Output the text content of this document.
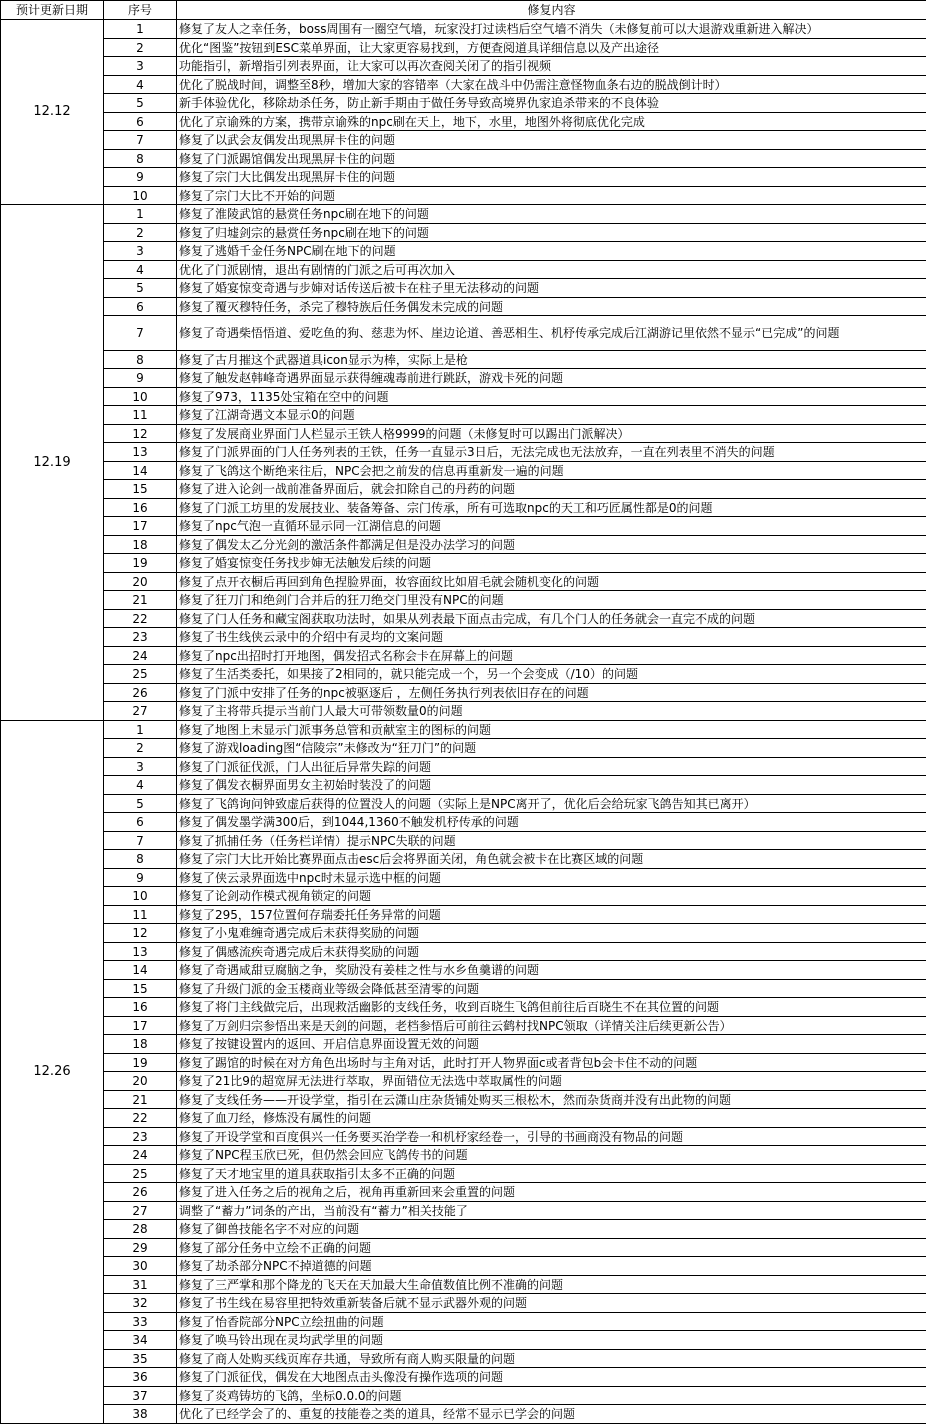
预计更新日期	序号	修复内容
12.12	1	修复了友人之幸任务，boss周围有一圈空气墙，玩家没打过读档后空气墙不消失（未修复前可以大退游戏重新进入解决）
	2	优化“图鉴”按钮到ESC菜单界面，让大家更容易找到，方便查阅道具详细信息以及产出途径
	3	功能指引，新增指引列表界面，让大家可以再次查阅关闭了的指引视频
	4	优化了脱战时间，调整至8秒，增加大家的容错率（大家在战斗中仍需注意怪物血条右边的脱战倒计时）
	5	新手体验优化，移除劫杀任务，防止新手期由于做任务导致高境界仇家追杀带来的不良体验
	6	优化了京谕殊的方案，携带京谕殊的npc刷在天上，地下，水里，地图外将彻底优化完成
	7	修复了以武会友偶发出现黑屏卡住的问题
	8	修复了门派踢馆偶发出现黑屏卡住的问题
	9	修复了宗门大比偶发出现黑屏卡住的问题
	10	修复了宗门大比不开始的问题
12.19	1	修复了淮陵武馆的悬赏任务npc刷在地下的问题
	2	修复了归墟剑宗的悬赏任务npc刷在地下的问题
	3	修复了逃婚千金任务NPC刷在地下的问题
	4	优化了门派剧情，退出有剧情的门派之后可再次加入
	5	修复了婚宴惊变奇遇与步婶对话传送后被卡在柱子里无法移动的问题
	6	修复了覆灭穆特任务，杀完了穆特族后任务偶发未完成的问题
	7	修复了奇遇柴悟悟道、爱吃鱼的狗、慈悲为怀、崖边论道、善恶相生、机杼传承完成后江湖游记里依然不显示“已完成”的问题
	8	修复了古月摧这个武器道具icon显示为棒，实际上是枪
	9	修复了触发赵韩峰奇遇界面显示获得缠魂毒前进行跳跃，游戏卡死的问题
	10	修复了973，1135处宝箱在空中的问题
	11	修复了江湖奇遇文本显示0的问题
	12	修复了发展商业界面门人栏显示王铁人格9999的问题（未修复时可以踢出门派解决）
	13	修复了门派界面的门人任务列表的王铁，任务一直显示3日后，无法完成也无法放弃，一直在列表里不消失的问题
	14	修复了飞鸽这个断绝来往后，NPC会把之前发的信息再重新发一遍的问题
	15	修复了进入论剑一战前准备界面后，就会扣除自己的丹药的问题
	16	修复了门派工坊里的发展技业、装备筹备、宗门传承，所有可选取npc的天工和巧匠属性都是0的问题
	17	修复了npc气泡一直循环显示同一江湖信息的问题
	18	修复了偶发太乙分光剑的激活条件都满足但是没办法学习的问题
	19	修复了婚宴惊变任务找步婶无法触发后续的问题
	20	修复了点开衣橱后再回到角色捏脸界面，妆容面纹比如眉毛就会随机变化的问题
	21	修复了狂刀门和绝剑门合并后的狂刀绝交门里没有NPC的问题
	22	修复了门人任务和藏宝阁获取功法时，如果从列表最下面点击完成，有几个门人的任务就会一直完不成的问题
	23	修复了书生线侠云录中的介绍中有灵均的文案问题
	24	修复了npc出招时打开地图，偶发招式名称会卡在屏幕上的问题
	25	修复了生活类委托，如果接了2相同的，就只能完成一个，另一个会变成（/10）的问题
	26	修复了门派中安排了任务的npc被驱逐后 ，左侧任务执行列表依旧存在的问题
	27	修复了主将带兵提示当前门人最大可带领数量0的问题
12.26	1	修复了地图上未显示门派事务总管和贡献室主的图标的问题
	2	修复了游戏loading图“信陵宗”未修改为“狂刀门”的问题
	3	修复了门派征伐派，门人出征后异常失踪的问题
	4	修复了偶发衣橱界面男女主初始时装没了的问题
	5	修复了飞鸽询问钟致虚后获得的位置没人的问题（实际上是NPC离开了，优化后会给玩家飞鸽告知其已离开）
	6	修复了偶发墨学满300后，到1044,1360不触发机杼传承的问题
	7	修复了抓捕任务（任务栏详情）提示NPC失联的问题
	8	修复了宗门大比开始比赛界面点击esc后会将界面关闭，角色就会被卡在比赛区域的问题
	9	修复了侠云录界面选中npc时未显示选中框的问题
	10	修复了论剑动作模式视角锁定的问题
	11	修复了295，157位置何存瑞委托任务异常的问题
	12	修复了小鬼难缠奇遇完成后未获得奖励的问题
	13	修复了偶感流疾奇遇完成后未获得奖励的问题
	14	修复了奇遇咸甜豆腐脑之争，奖励没有姜桂之性与水乡鱼羹谱的问题
	15	修复了升级门派的金玉楼商业等级会降低甚至清零的问题
	16	修复了将门主线做完后，出现救活幽影的支线任务，收到百晓生飞鸽但前往后百晓生不在其位置的问题
	17	修复了万剑归宗参悟出来是天剑的问题，老档参悟后可前往云鹤村找NPC领取（详情关注后续更新公告）
	18	修复了按键设置内的返回、开启信息界面设置无效的问题
	19	修复了踢馆的时候在对方角色出场时与主角对话，此时打开人物界面c或者背包b会卡住不动的问题
	20	修复了21比9的超宽屏无法进行萃取，界面错位无法选中萃取属性的问题
	21	修复了支线任务——开设学堂，指引在云潇山庄杂货铺处购买三根松木，然而杂货商并没有出此物的问题
	22	修复了血刀经，修炼没有属性的问题
	23	修复了开设学堂和百度俱兴一任务要买治学卷一和机杼家经卷一，引导的书画商没有物品的问题
	24	修复了NPC程玉欣已死，但仍然会回应飞鸽传书的问题
	25	修复了天才地宝里的道具获取指引太多不正确的问题
	26	修复了进入任务之后的视角之后，视角再重新回来会重置的问题
	27	调整了“蓄力”词条的产出，当前没有“蓄力”相关技能了
	28	修复了御兽技能名字不对应的问题
	29	修复了部分任务中立绘不正确的问题
	30	修复了劫杀部分NPC不掉道德的问题
	31	修复了三严掌和那个降龙的飞天在天加最大生命值数值比例不准确的问题
	32	修复了书生线在易容里把特效重新装备后就不显示武器外观的问题
	33	修复了怡香院部分NPC立绘扭曲的问题
	34	修复了唤马铃出现在灵均武学里的问题
	35	修复了商人处购买线页库存共通，导致所有商人购买限量的问题
	36	修复了门派征伐，偶发在大地图点击头像没有操作选项的问题
	37	修复了炎鸡铸坊的飞鸽，坐标0.0.0的问题
	38	优化了已经学会了的、重复的技能卷之类的道具，经常不显示已学会的问题
